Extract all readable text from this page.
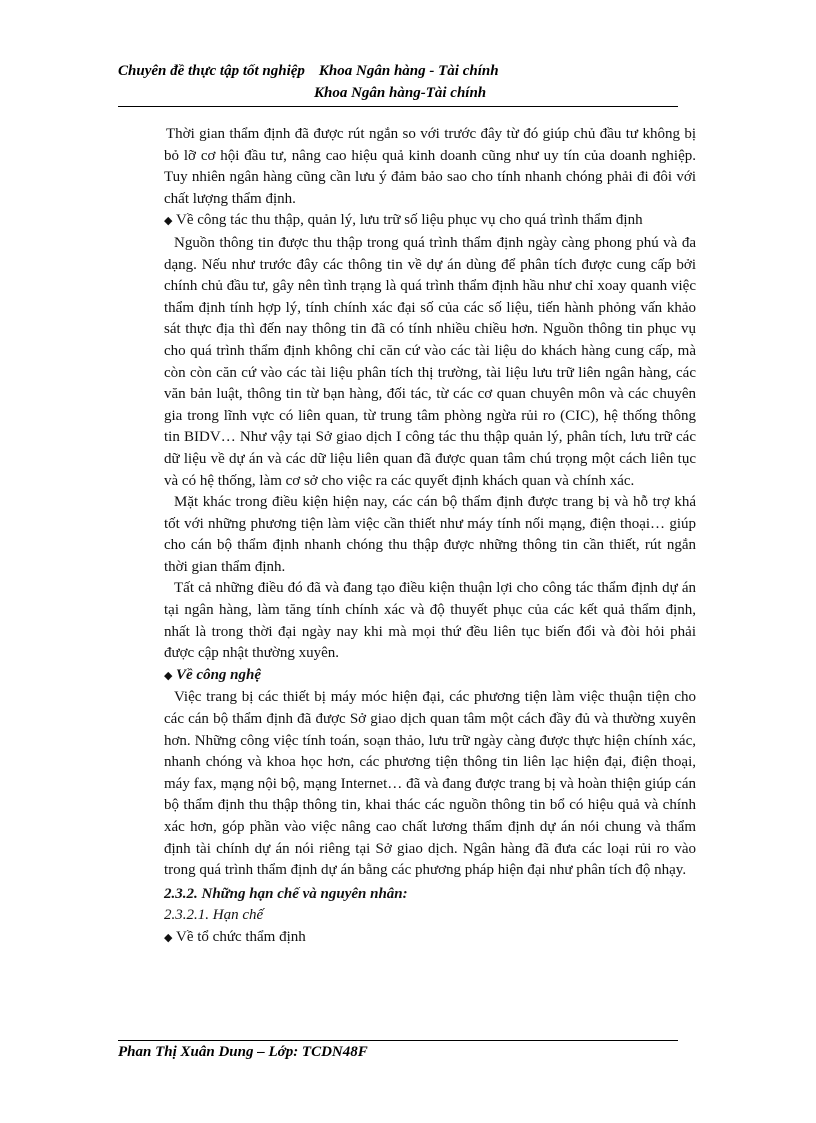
Chuyên đề thực tập tốt nghiệp Khoa Ngân hàng - Tài chính
Khoa Ngân hàng-Tài chính

Thời gian thẩm định đã được rút ngắn so với trước đây từ đó giúp chủ đầu tư không bị bỏ lỡ cơ hội đầu tư, nâng cao hiệu quả kinh doanh cũng như uy tín của doanh nghiệp. Tuy nhiên ngân hàng cũng cần lưu ý đảm bảo sao cho tính nhanh chóng phải đi đôi với chất lượng thẩm định.

◆ Về công tác thu thập, quản lý, lưu trữ số liệu phục vụ cho quá trình thẩm định

Nguồn thông tin được thu thập trong quá trình thẩm định ngày càng phong phú và đa dạng. Nếu như trước đây các thông tin về dự án dùng để phân tích được cung cấp bởi chính chủ đầu tư, gây nên tình trạng là quá trình thẩm định hầu như chỉ xoay quanh việc thẩm định tính hợp lý, tính chính xác đại số của các số liệu, tiến hành phỏng vấn khảo sát thực địa thì đến nay thông tin đã có tính nhiều chiều hơn. Nguồn thông tin phục vụ cho quá trình thẩm định không chỉ căn cứ vào các tài liệu do khách hàng cung cấp, mà còn còn căn cứ vào các tài liệu phân tích thị trường, tài liệu lưu trữ liên ngân hàng, các văn bản luật, thông tin từ bạn hàng, đối tác, từ các cơ quan chuyên môn và các chuyên gia trong lĩnh vực có liên quan, từ trung tâm phòng ngừa rủi ro (CIC), hệ thống thông tin BIDV… Như vậy tại Sở giao dịch I công tác thu thập quản lý, phân tích, lưu trữ các dữ liệu về dự án và các dữ liệu liên quan đã được quan tâm chú trọng một cách liên tục và có hệ thống, làm cơ sở cho việc ra các quyết định khách quan và chính xác.

Mặt khác trong điều kiện hiện nay, các cán bộ thẩm định được trang bị và hỗ trợ khá tốt với những phương tiện làm việc cần thiết như máy tính nối mạng, điện thoại… giúp cho cán bộ thẩm định nhanh chóng thu thập được những thông tin cần thiết, rút ngắn thời gian thẩm định.

Tất cả những điều đó đã và đang tạo điều kiện thuận lợi cho công tác thẩm định dự án tại ngân hàng, làm tăng tính chính xác và độ thuyết phục của các kết quả thẩm định, nhất là trong thời đại ngày nay khi mà mọi thứ đều liên tục biến đổi và đòi hỏi phải được cập nhật thường xuyên.

◆ Về công nghệ

Việc trang bị các thiết bị máy móc hiện đại, các phương tiện làm việc thuận tiện cho các cán bộ thẩm định đã được Sở giao dịch quan tâm một cách đầy đủ và thường xuyên hơn. Những công việc tính toán, soạn thảo, lưu trữ ngày càng được thực hiện chính xác, nhanh chóng và khoa học hơn, các phương tiện thông tin liên lạc hiện đại, điện thoại, máy fax, mạng nội bộ, mạng Internet… đã và đang được trang bị và hoàn thiện giúp cán bộ thẩm định thu thập thông tin, khai thác các nguồn thông tin bổ có hiệu quả và chính xác hơn, góp phần vào việc nâng cao chất lương thẩm định dự án nói chung và thẩm định tài chính dự án nói riêng tại Sở giao dịch. Ngân hàng đã đưa các loại rủi ro vào trong quá trình thẩm định dự án bằng các phương pháp hiện đại như phân tích độ nhạy.

2.3.2. Những hạn chế và nguyên nhân:

2.3.2.1. Hạn chế

◆ Về tổ chức thẩm định

Phan Thị Xuân Dung – Lớp: TCDN48F
